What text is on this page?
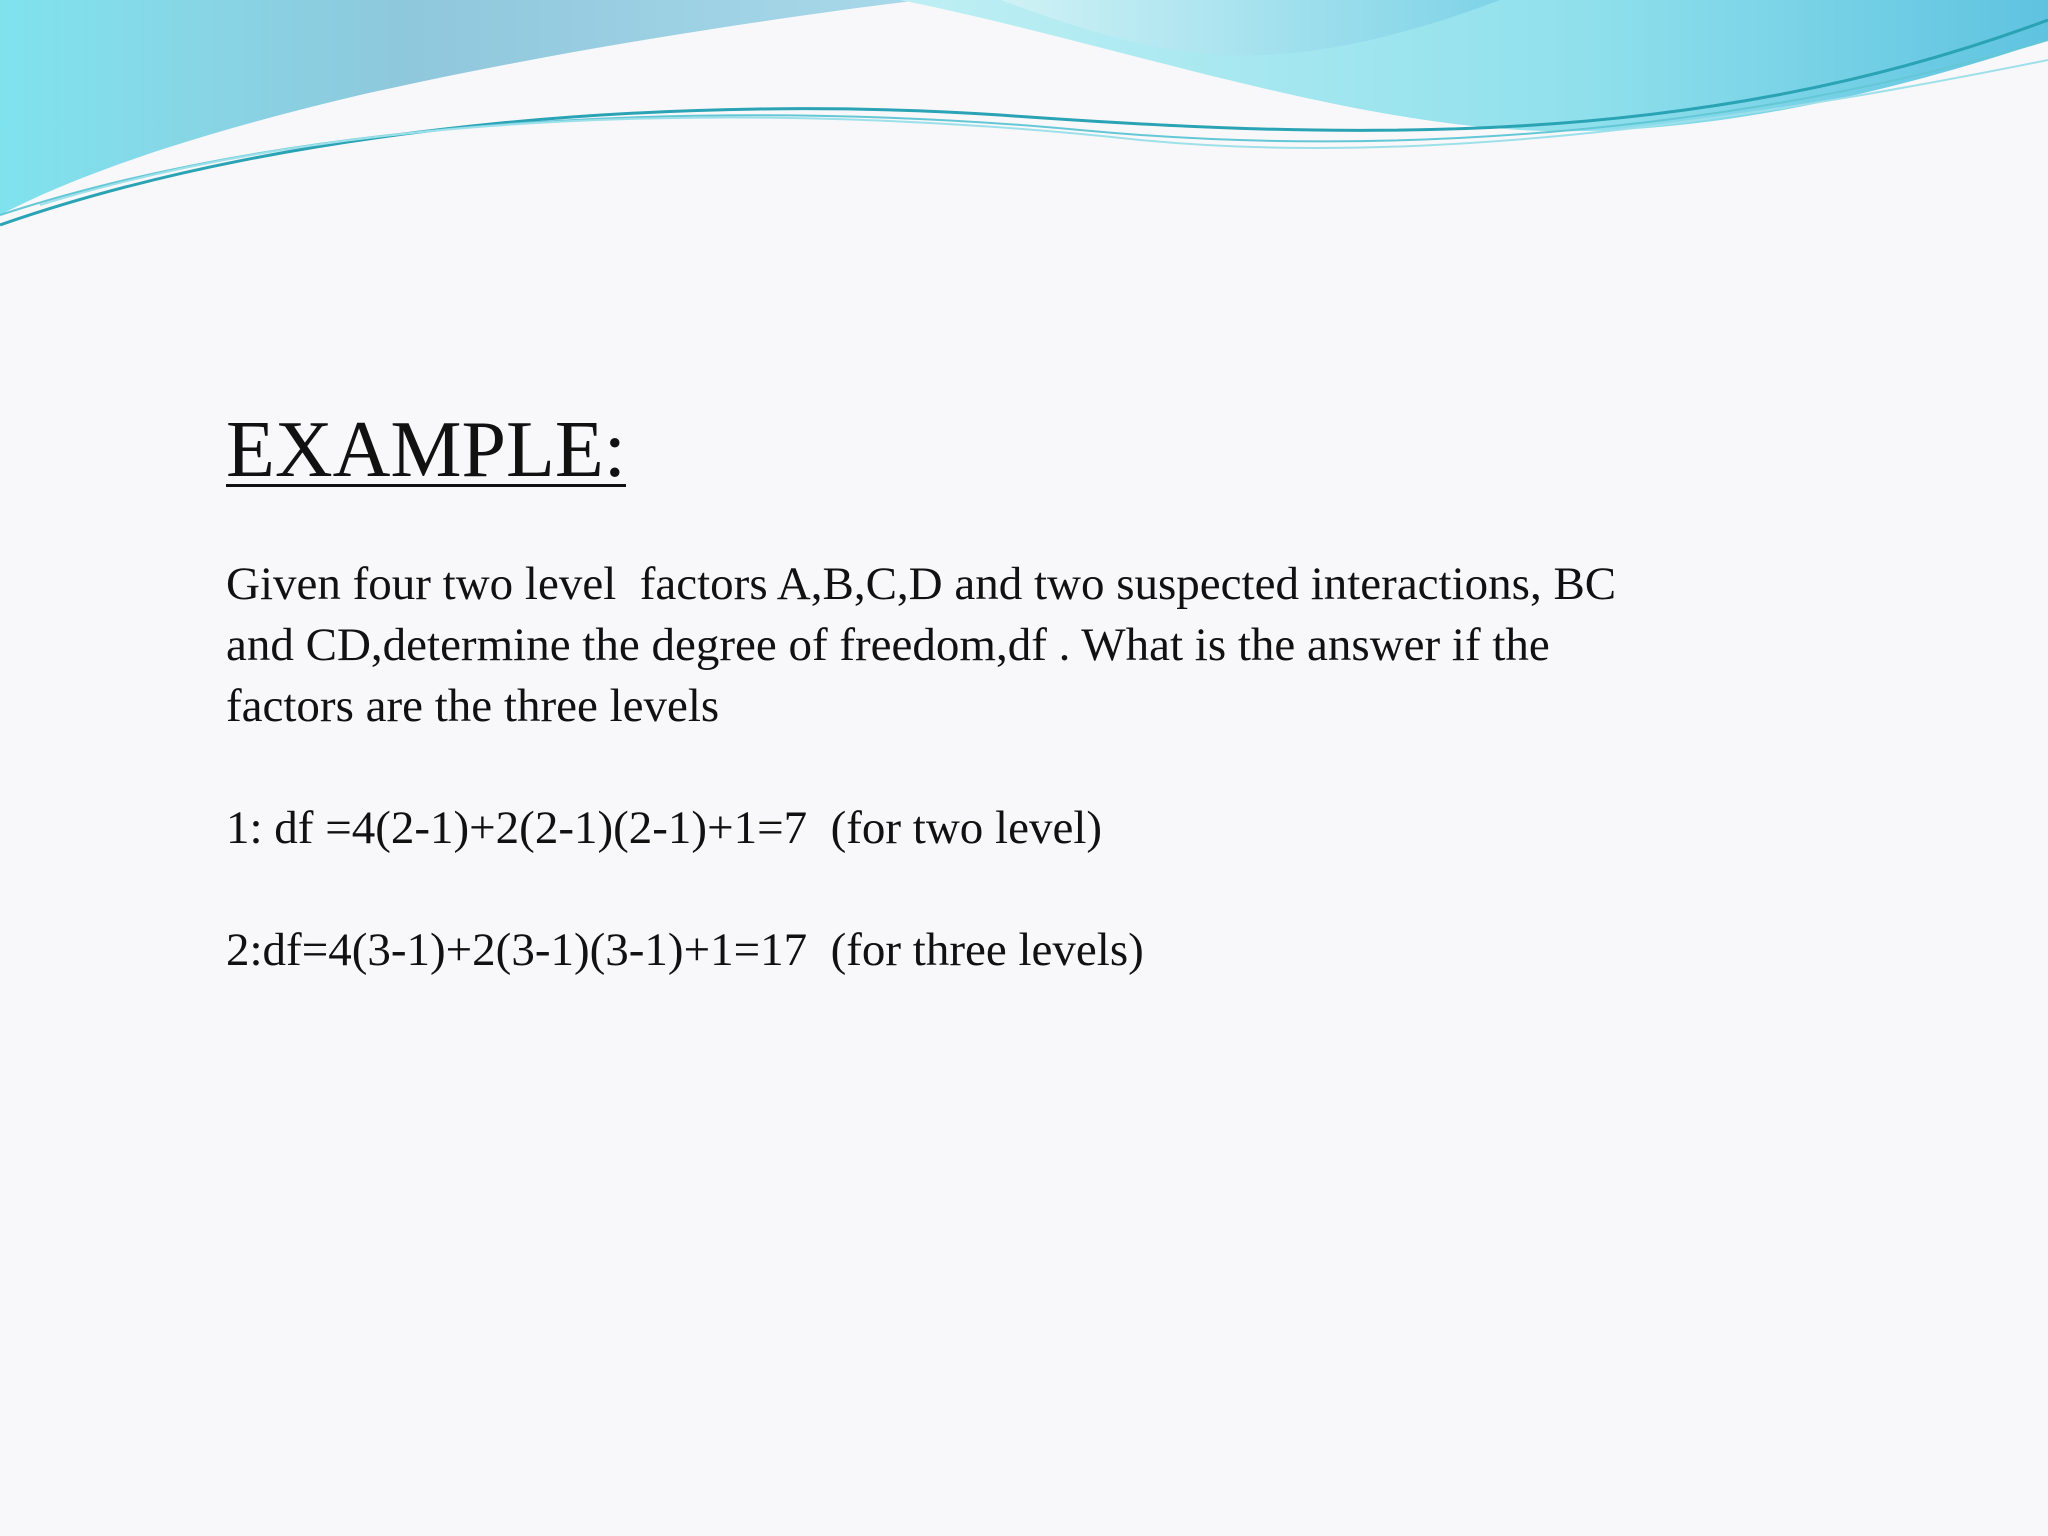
EXAMPLE:

Given four two level  factors A,B,C,D and two suspected interactions, BC

and CD,determine the degree of freedom,df . What is the answer if the

factors are the three levels

1: df =4(2-1)+2(2-1)(2-1)+1=7  (for two level)

2:df=4(3-1)+2(3-1)(3-1)+1=17  (for three levels)
